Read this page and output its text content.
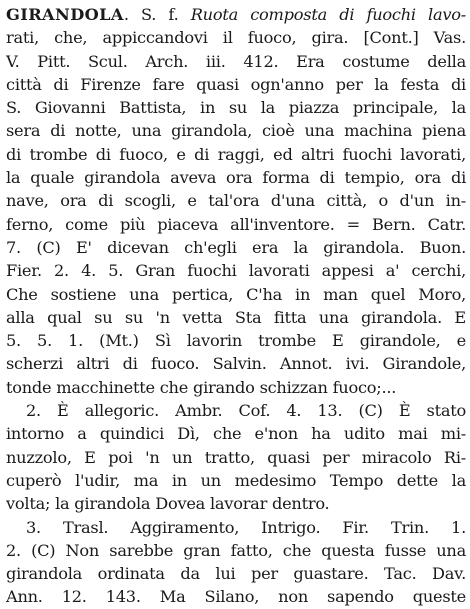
GIRANDOLA. S. f. Ruota composta di fuochi lavo-
rati, che, appiccandovi il fuoco, gira. [Cont.] Vas.
V. Pitt. Scul. Arch. iii. 412. Era costume della
città di Firenze fare quasi ogn'anno per la festa di
S. Giovanni Battista, in su la piazza principale, la
sera di notte, una girandola, cioè una machina piena
di trombe di fuoco, e di raggi, ed altri fuochi lavorati,
la quale girandola aveva ora forma di tempio, ora di
nave, ora di scogli, e tal'ora d'una città, o d'un in-
ferno, come più piaceva all'inventore. = Bern. Catr.
7. (C) E' dicevan ch'egli era la girandola. Buon.
Fier. 2. 4. 5. Gran fuochi lavorati appesi a' cerchi,
Che sostiene una pertica, C'ha in man quel Moro,
alla qual su su 'n vetta Sta fitta una girandola. E
5. 5. 1. (Mt.) Sì lavorin trombe E girandole, e
scherzi altri di fuoco. Salvin. Annot. ivi. Girandole,
tonde macchinette che girando schizzan fuoco;...
2. È allegoric. Ambr. Cof. 4. 13. (C) È stato
intorno a quindici Dì, che e'non ha udito mai mi-
nuzzolo, E poi 'n un tratto, quasi per miracolo Ri-
cuperò l'udir, ma in un medesimo Tempo dette la
volta; la girandola Dovea lavorar dentro.
3. Trasl. Aggiramento, Intrigo. Fir. Trin. 1.
2. (C) Non sarebbe gran fatto, che questa fusse una
girandola ordinata da lui per guastare. Tac. Dav.
Ann. 12. 143. Ma Silano, non sapendo queste
